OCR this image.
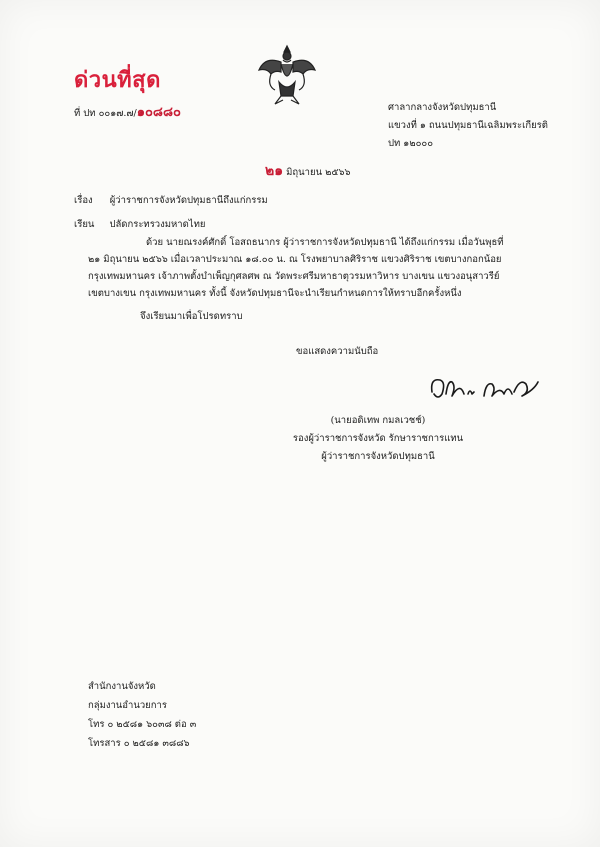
ด่วนที่สุด
ที่ ปท ๐๐๑๗.๗/๑๐๘๘๐	ศาลากลางจังหวัดปทุมธานี
แขวงที่ ๑ ถนนปทุมธานีเฉลิมพระเกียรติ
ปท ๑๒๐๐๐
๒๑ มิถุนายน ๒๕๖๖
เรื่อง ผู้ว่าราชการจังหวัดปทุมธานีถึงแก่กรรม
เรียน ปลัดกระทรวงมหาดไทย

ด้วย นายณรงค์ศักดิ์ โอสถธนากร ผู้ว่าราชการจังหวัดปทุมธานี ได้ถึงแก่กรรม เมื่อวันพุธที่

๒๑ มิถุนายน ๒๕๖๖ เมื่อเวลาประมาณ ๑๘.๐๐ น. ณ โรงพยาบาลศิริราช แขวงศิริราช เขตบางกอกน้อย

กรุงเทพมหานคร เจ้าภาพตั้งบำเพ็ญกุศลศพ ณ วัดพระศรีมหาธาตุวรมหาวิหาร บางเขน แขวงอนุสาวรีย์

เขตบางเขน กรุงเทพมหานคร ทั้งนี้ จังหวัดปทุมธานีจะนำเรียนกำหนดการให้ทราบอีกครั้งหนึ่ง

จึงเรียนมาเพื่อโปรดทราบ
ขอแสดงความนับถือ
(นายอดิเทพ กมลเวชช์)
รองผู้ว่าราชการจังหวัด รักษาราชการแทน
ผู้ว่าราชการจังหวัดปทุมธานี
สำนักงานจังหวัด
กลุ่มงานอำนวยการ
โทร ๐ ๒๕๘๑ ๖๐๓๘ ต่อ ๓
โทรสาร ๐ ๒๕๘๑ ๓๘๘๖
